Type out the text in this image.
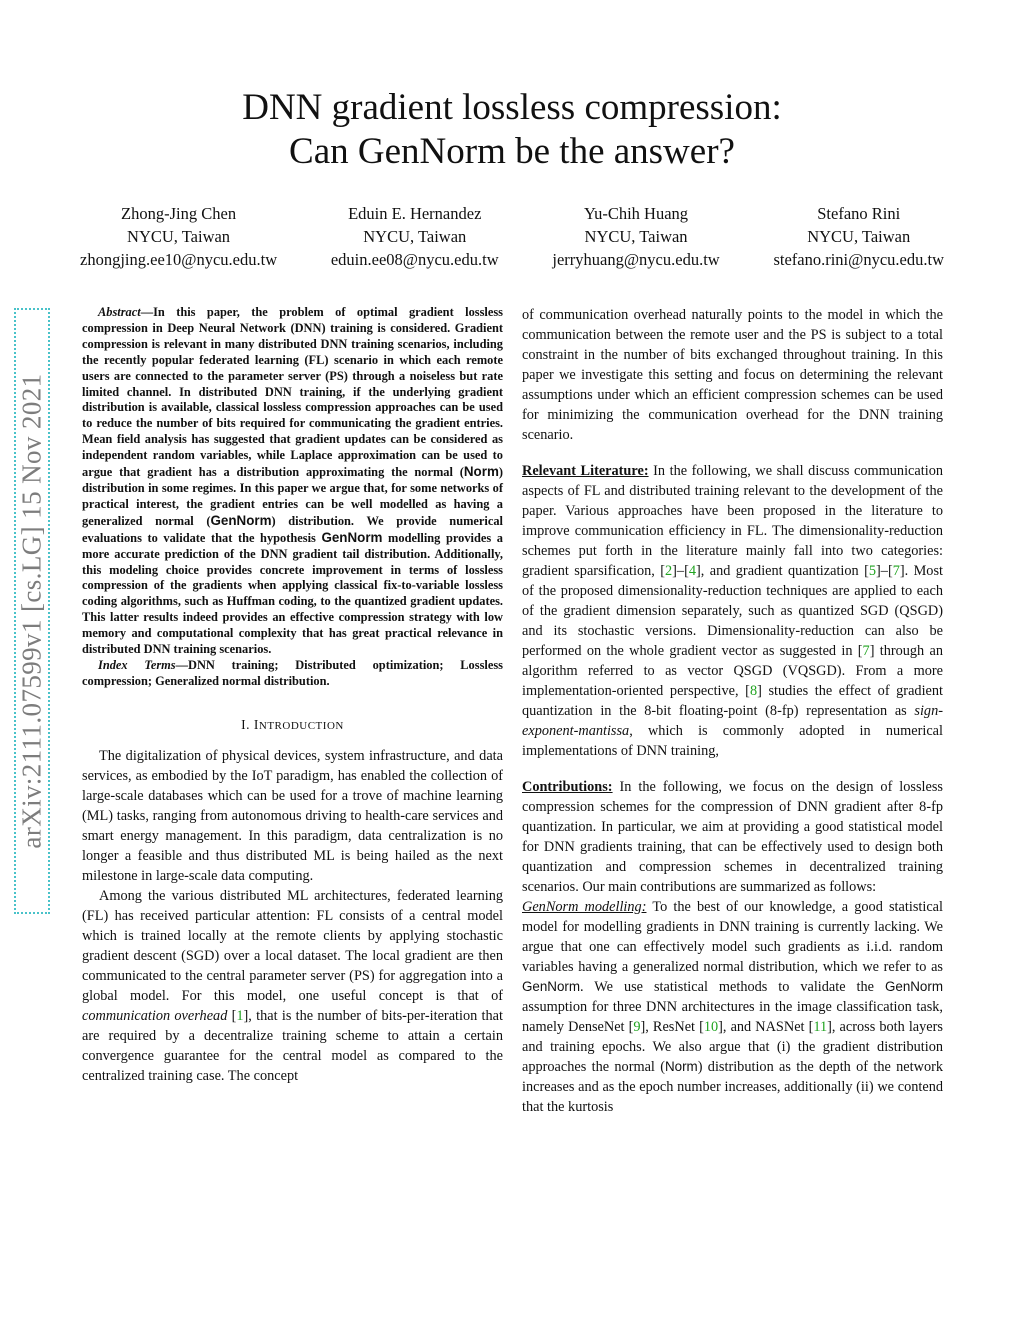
DNN gradient lossless compression:
Can GenNorm be the answer?
Zhong-Jing Chen
NYCU, Taiwan
zhongjing.ee10@nycu.edu.tw
Eduin E. Hernandez
NYCU, Taiwan
eduin.ee08@nycu.edu.tw
Yu-Chih Huang
NYCU, Taiwan
jerryhuang@nycu.edu.tw
Stefano Rini
NYCU, Taiwan
stefano.rini@nycu.edu.tw
arXiv:2111.07599v1 [cs.LG] 15 Nov 2021

Abstract—In this paper, the problem of optimal gradient lossless compression in Deep Neural Network (DNN) training is considered. Gradient compression is relevant in many distributed DNN training scenarios, including the recently popular federated learning (FL) scenario in which each remote users are connected to the parameter server (PS) through a noiseless but rate limited channel. In distributed DNN training, if the underlying gradient distribution is available, classical lossless compression approaches can be used to reduce the number of bits required for communicating the gradient entries. Mean field analysis has suggested that gradient updates can be considered as independent random variables, while Laplace approximation can be used to argue that gradient has a distribution approximating the normal (Norm) distribution in some regimes. In this paper we argue that, for some networks of practical interest, the gradient entries can be well modelled as having a generalized normal (GenNorm) distribution. We provide numerical evaluations to validate that the hypothesis GenNorm modelling provides a more accurate prediction of the DNN gradient tail distribution. Additionally, this modeling choice provides concrete improvement in terms of lossless compression of the gradients when applying classical fix-to-variable lossless coding algorithms, such as Huffman coding, to the quantized gradient updates. This latter results indeed provides an effective compression strategy with low memory and computational complexity that has great practical relevance in distributed DNN training scenarios.

Index Terms—DNN training; Distributed optimization; Lossless compression; Generalized normal distribution.

I. INTRODUCTION

The digitalization of physical devices, system infrastructure, and data services, as embodied by the IoT paradigm, has enabled the collection of large-scale databases which can be used for a trove of machine learning (ML) tasks, ranging from autonomous driving to health-care services and smart energy management. In this paradigm, data centralization is no longer a feasible and thus distributed ML is being hailed as the next milestone in large-scale data computing.

Among the various distributed ML architectures, federated learning (FL) has received particular attention: FL consists of a central model which is trained locally at the remote clients by applying stochastic gradient descent (SGD) over a local dataset. The local gradient are then communicated to the central parameter server (PS) for aggregation into a global model. For this model, one useful concept is that of communication overhead [1], that is the number of bits-per-iteration that are required by a decentralize training scheme to attain a certain convergence guarantee for the central model as compared to the centralized training case. The concept

of communication overhead naturally points to the model in which the communication between the remote user and the PS is subject to a total constraint in the number of bits exchanged throughout training. In this paper we investigate this setting and focus on determining the relevant assumptions under which an efficient compression schemes can be used for minimizing the communication overhead for the DNN training scenario.

Relevant Literature: In the following, we shall discuss communication aspects of FL and distributed training relevant to the development of the paper. Various approaches have been proposed in the literature to improve communication efficiency in FL. The dimensionality-reduction schemes put forth in the literature mainly fall into two categories: gradient sparsification, [2]–[4], and gradient quantization [5]–[7]. Most of the proposed dimensionality-reduction techniques are applied to each of the gradient dimension separately, such as quantized SGD (QSGD) and its stochastic versions. Dimensionality-reduction can also be performed on the whole gradient vector as suggested in [7] through an algorithm referred to as vector QSGD (VQSGD). From a more implementation-oriented perspective, [8] studies the effect of gradient quantization in the 8-bit floating-point (8-fp) representation as sign-exponent-mantissa, which is commonly adopted in numerical implementations of DNN training,

Contributions: In the following, we focus on the design of lossless compression schemes for the compression of DNN gradient after 8-fp quantization. In particular, we aim at providing a good statistical model for DNN gradients training, that can be effectively used to design both quantization and compression schemes in decentralized training scenarios. Our main contributions are summarized as follows:

GenNorm modelling: To the best of our knowledge, a good statistical model for modelling gradients in DNN training is currently lacking. We argue that one can effectively model such gradients as i.i.d. random variables having a generalized normal distribution, which we refer to as GenNorm. We use statistical methods to validate the GenNorm assumption for three DNN architectures in the image classification task, namely DenseNet [9], ResNet [10], and NASNet [11], across both layers and training epochs. We also argue that (i) the gradient distribution approaches the normal (Norm) distribution as the depth of the network increases and as the epoch number increases, additionally (ii) we contend that the kurtosis
